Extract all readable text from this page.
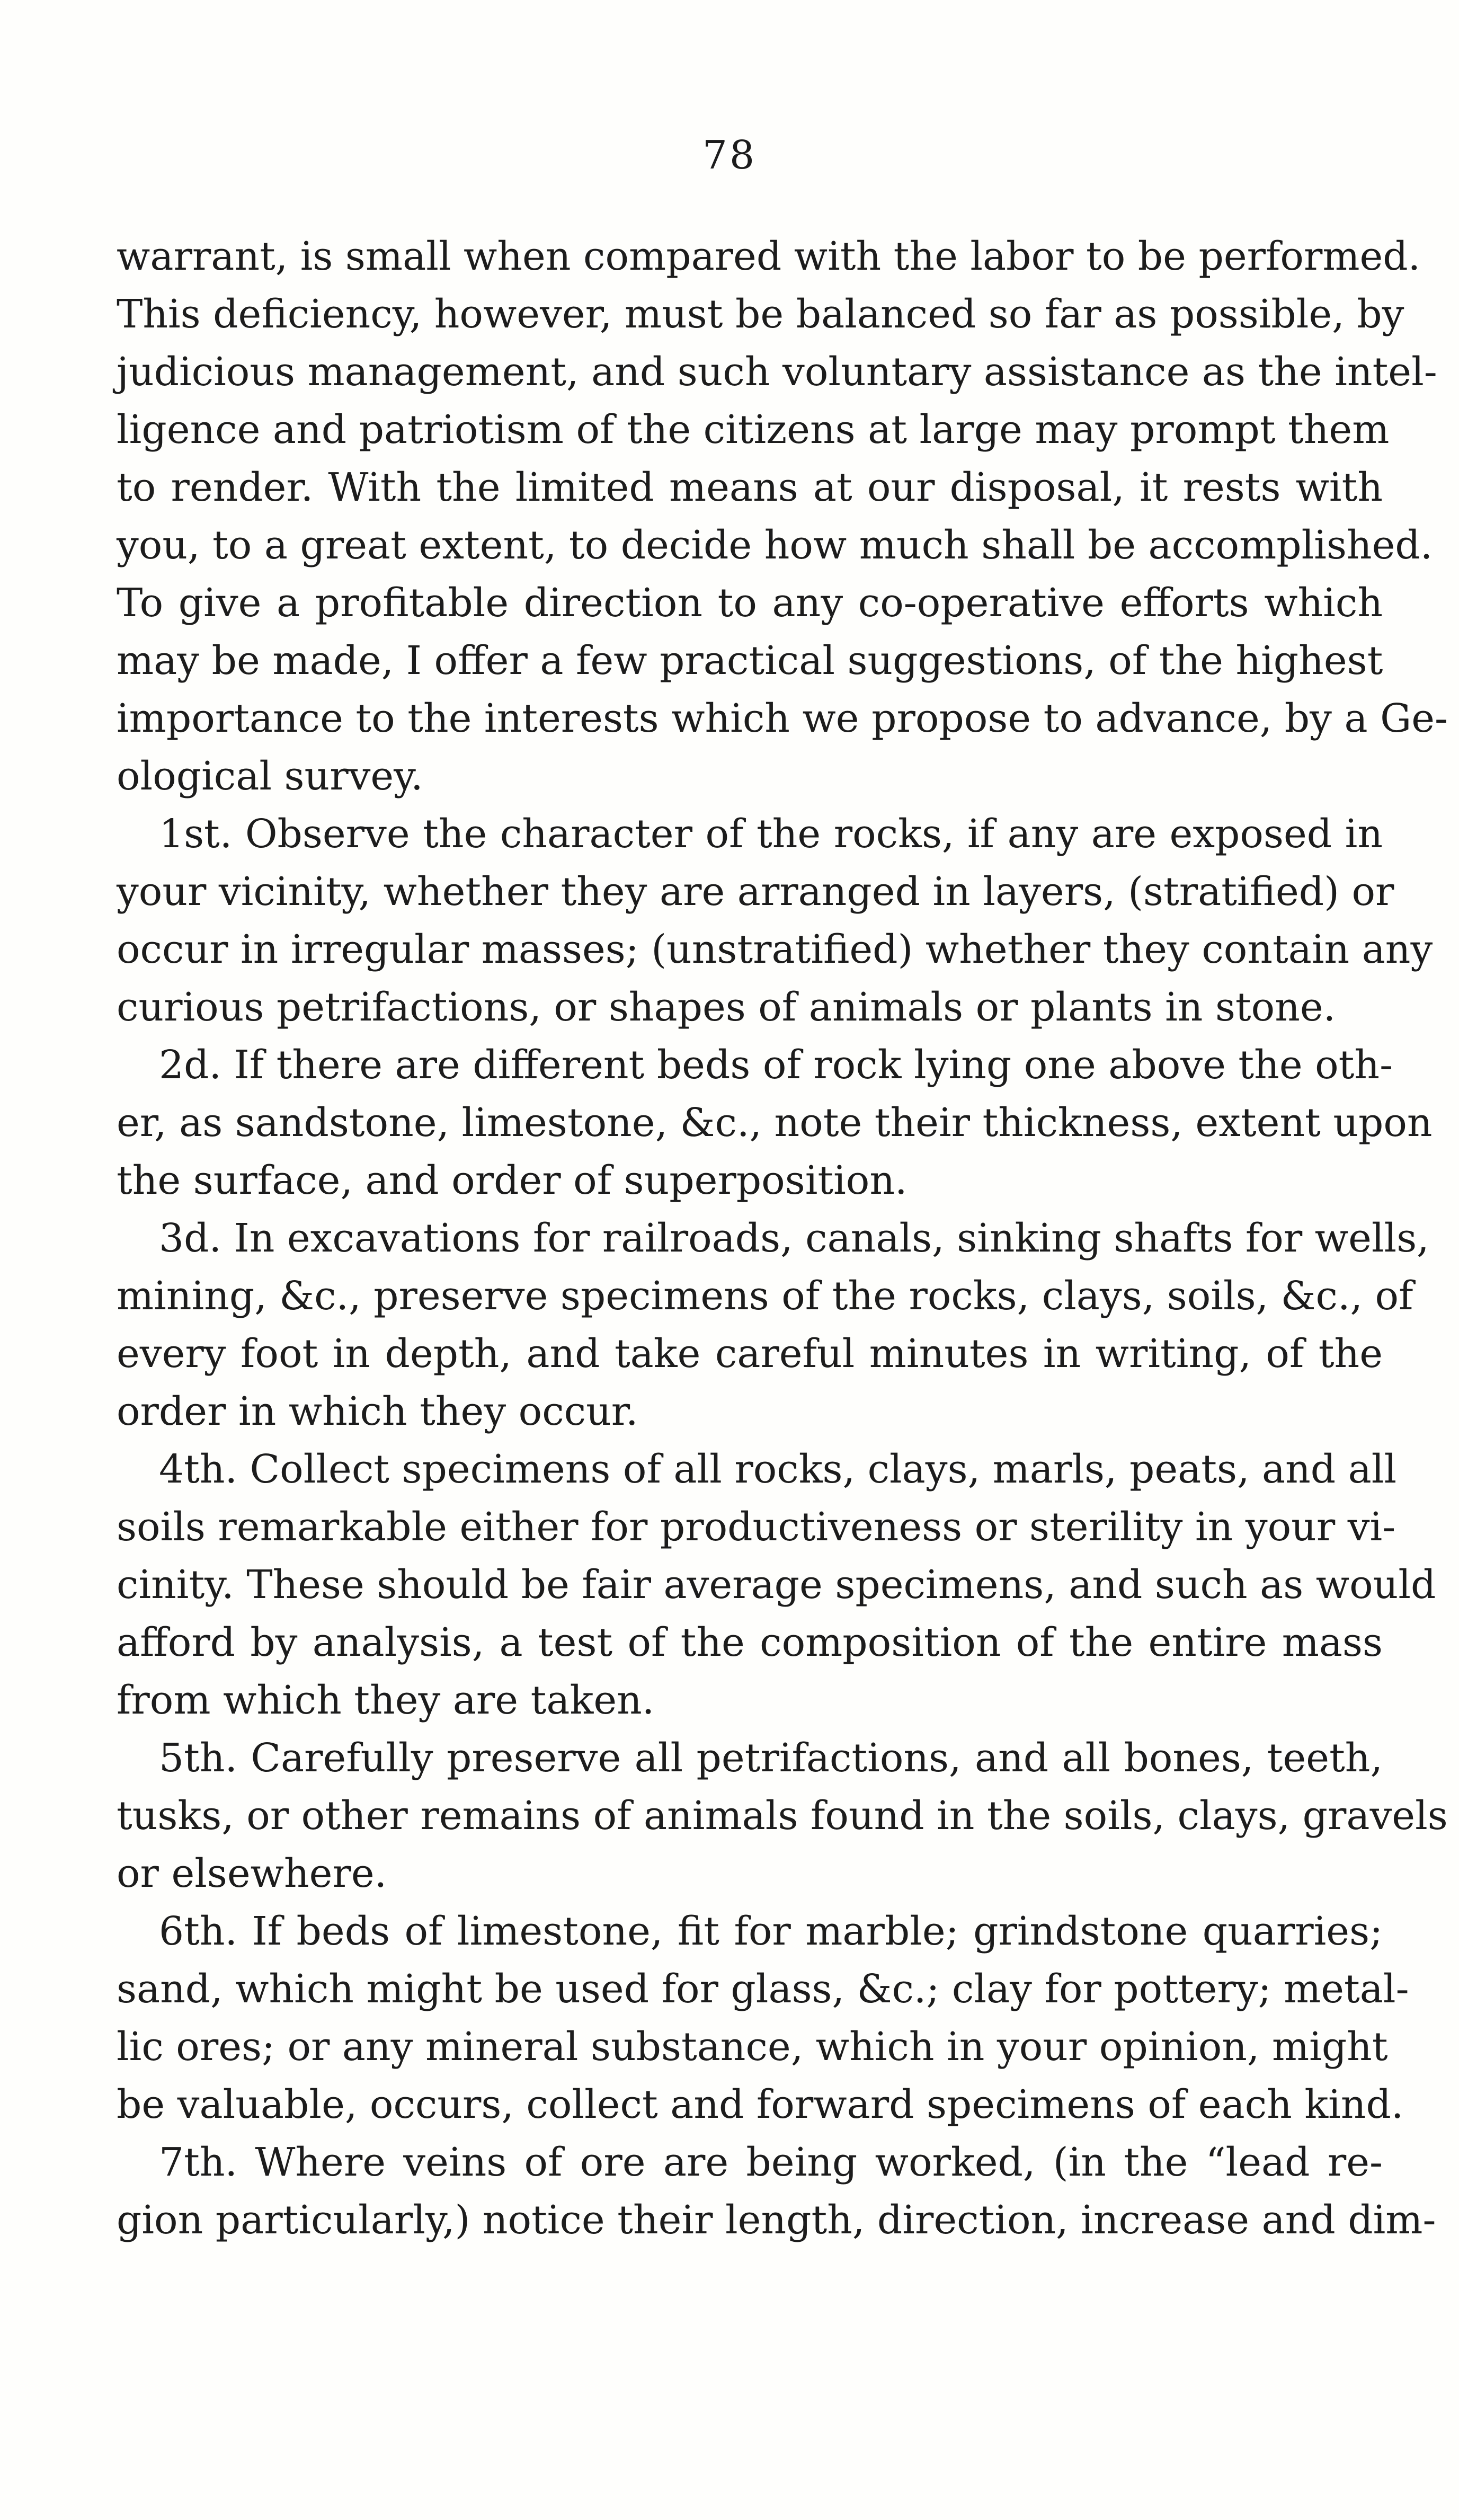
78
warrant, is small when compared with the labor to be performed.
This deficiency, however, must be balanced so far as possible, by
judicious management, and such voluntary assistance as the intel-
ligence and patriotism of the citizens at large may prompt them
to render. With the limited means at our disposal, it rests with
you, to a great extent, to decide how much shall be accomplished.
To give a profitable direction to any co-operative efforts which
may be made, I offer a few practical suggestions, of the highest
importance to the interests which we propose to advance, by a Ge-
ological survey.
1st. Observe the character of the rocks, if any are exposed in
your vicinity, whether they are arranged in layers, (stratified) or
occur in irregular masses; (unstratified) whether they contain any
curious petrifactions, or shapes of animals or plants in stone.
2d. If there are different beds of rock lying one above the oth-
er, as sandstone, limestone, &c., note their thickness, extent upon
the surface, and order of superposition.
3d. In excavations for railroads, canals, sinking shafts for wells,
mining, &c., preserve specimens of the rocks, clays, soils, &c., of
every foot in depth, and take careful minutes in writing, of the
order in which they occur.
4th. Collect specimens of all rocks, clays, marls, peats, and all
soils remarkable either for productiveness or sterility in your vi-
cinity. These should be fair average specimens, and such as would
afford by analysis, a test of the composition of the entire mass
from which they are taken.
5th. Carefully preserve all petrifactions, and all bones, teeth,
tusks, or other remains of animals found in the soils, clays, gravels
or elsewhere.
6th. If beds of limestone, fit for marble; grindstone quarries;
sand, which might be used for glass, &c.; clay for pottery; metal-
lic ores; or any mineral substance, which in your opinion, might
be valuable, occurs, collect and forward specimens of each kind.
7th. Where veins of ore are being worked, (in the “lead re-
gion particularly,) notice their length, direction, increase and dim-
